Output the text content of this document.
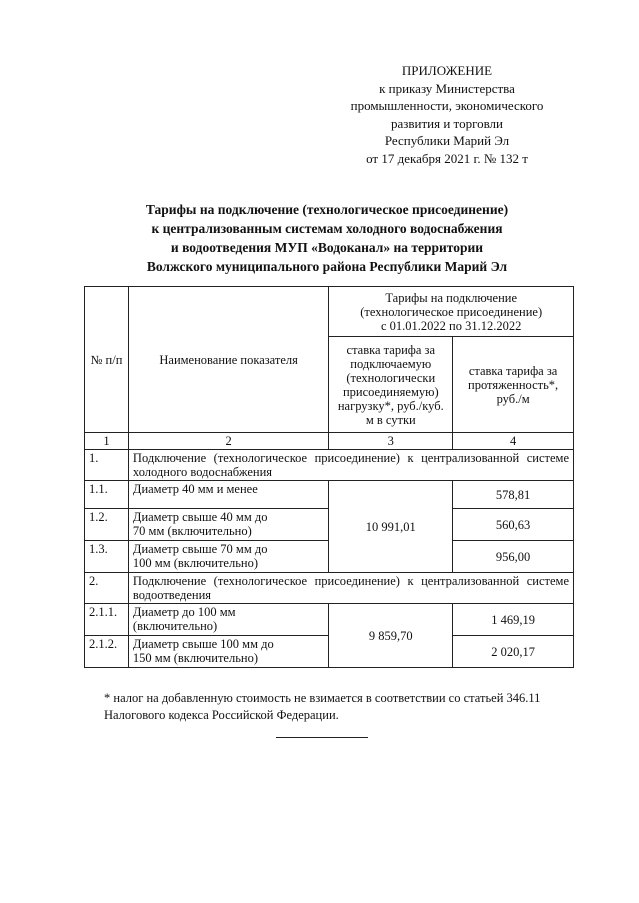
ПРИЛОЖЕНИЕ
к приказу Министерства
промышленности, экономического
развития и торговли
Республики Марий Эл
от 17 декабря 2021 г. № 132 т
Тарифы на подключение (технологическое присоединение)
к централизованным системам холодного водоснабжения
и водоотведения МУП «Водоканал» на территории
Волжского муниципального района Республики Марий Эл
№ п/п	Наименование показателя	Тарифы на подключение (технологическое присоединение) с 01.01.2022 по 31.12.2022	
		ставка тарифа за подключаемую (технологически присоединяемую) нагрузку*, руб./куб. м в сутки	ставка тарифа за протяженность*, руб./м
1	2	3	4
1.	Подключение (технологическое присоединение) к централизованной системе холодного водоснабжения		
1.1.	Диаметр 40 мм и менее	10 991,01	578,81
1.2.	Диаметр свыше 40 мм до 70 мм (включительно)		560,63
1.3.	Диаметр свыше 70 мм до 100 мм (включительно)		956,00
2.	Подключение (технологическое присоединение) к централизованной системе водоотведения		
2.1.1.	Диаметр до 100 мм (включительно)	9 859,70	1 469,19
2.1.2.	Диаметр свыше 100 мм до 150 мм (включительно)		2 020,17
* налог на добавленную стоимость не взимается в соответствии со статьей 346.11 Налогового кодекса Российской Федерации.
